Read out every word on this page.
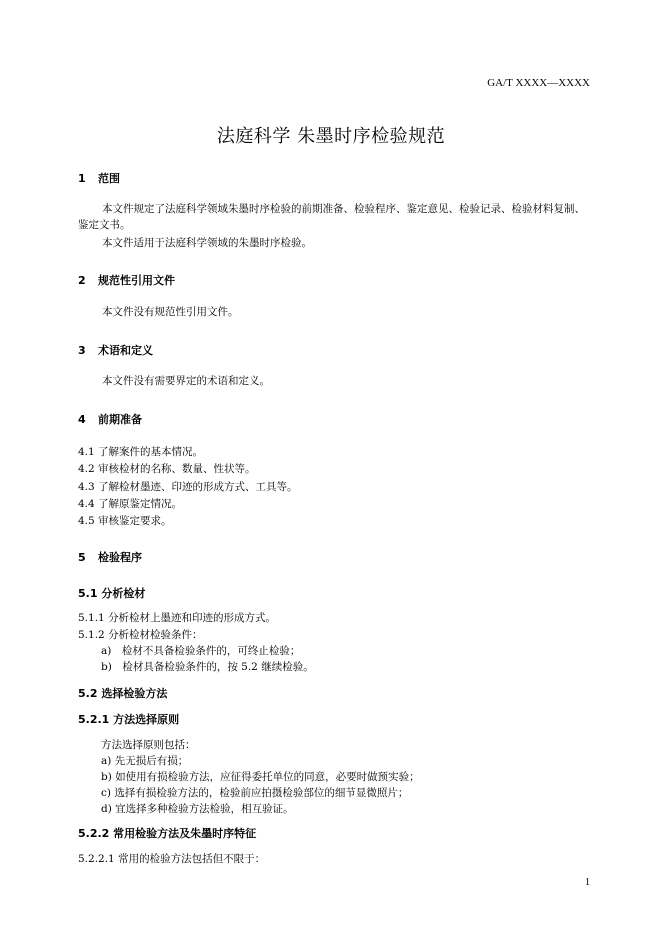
GA/T XXXX—XXXX
法庭科学 朱墨时序检验规范
1 范围
本文件规定了法庭科学领域朱墨时序检验的前期准备、检验程序、鉴定意见、检验记录、检验材料复制、鉴定文书。
本文件适用于法庭科学领域的朱墨时序检验。
2 规范性引用文件
本文件没有规范性引用文件。
3 术语和定义
本文件没有需要界定的术语和定义。
4 前期准备
4.1 了解案件的基本情况。
4.2 审核检材的名称、数量、性状等。
4.3 了解检材墨迹、印迹的形成方式、工具等。
4.4 了解原鉴定情况。
4.5 审核鉴定要求。
5 检验程序
5.1 分析检材
5.1.1 分析检材上墨迹和印迹的形成方式。
5.1.2 分析检材检验条件：
a)　检材不具备检验条件的，可终止检验；
b)　检材具备检验条件的，按 5.2 继续检验。
5.2 选择检验方法
5.2.1 方法选择原则
方法选择原则包括：
a) 先无损后有损；
b) 如使用有损检验方法，应征得委托单位的同意，必要时做预实验；
c) 选择有损检验方法的，检验前应拍摄检验部位的细节显微照片；
d) 宜选择多种检验方法检验，相互验证。
5.2.2 常用检验方法及朱墨时序特征
5.2.2.1 常用的检验方法包括但不限于：
1
